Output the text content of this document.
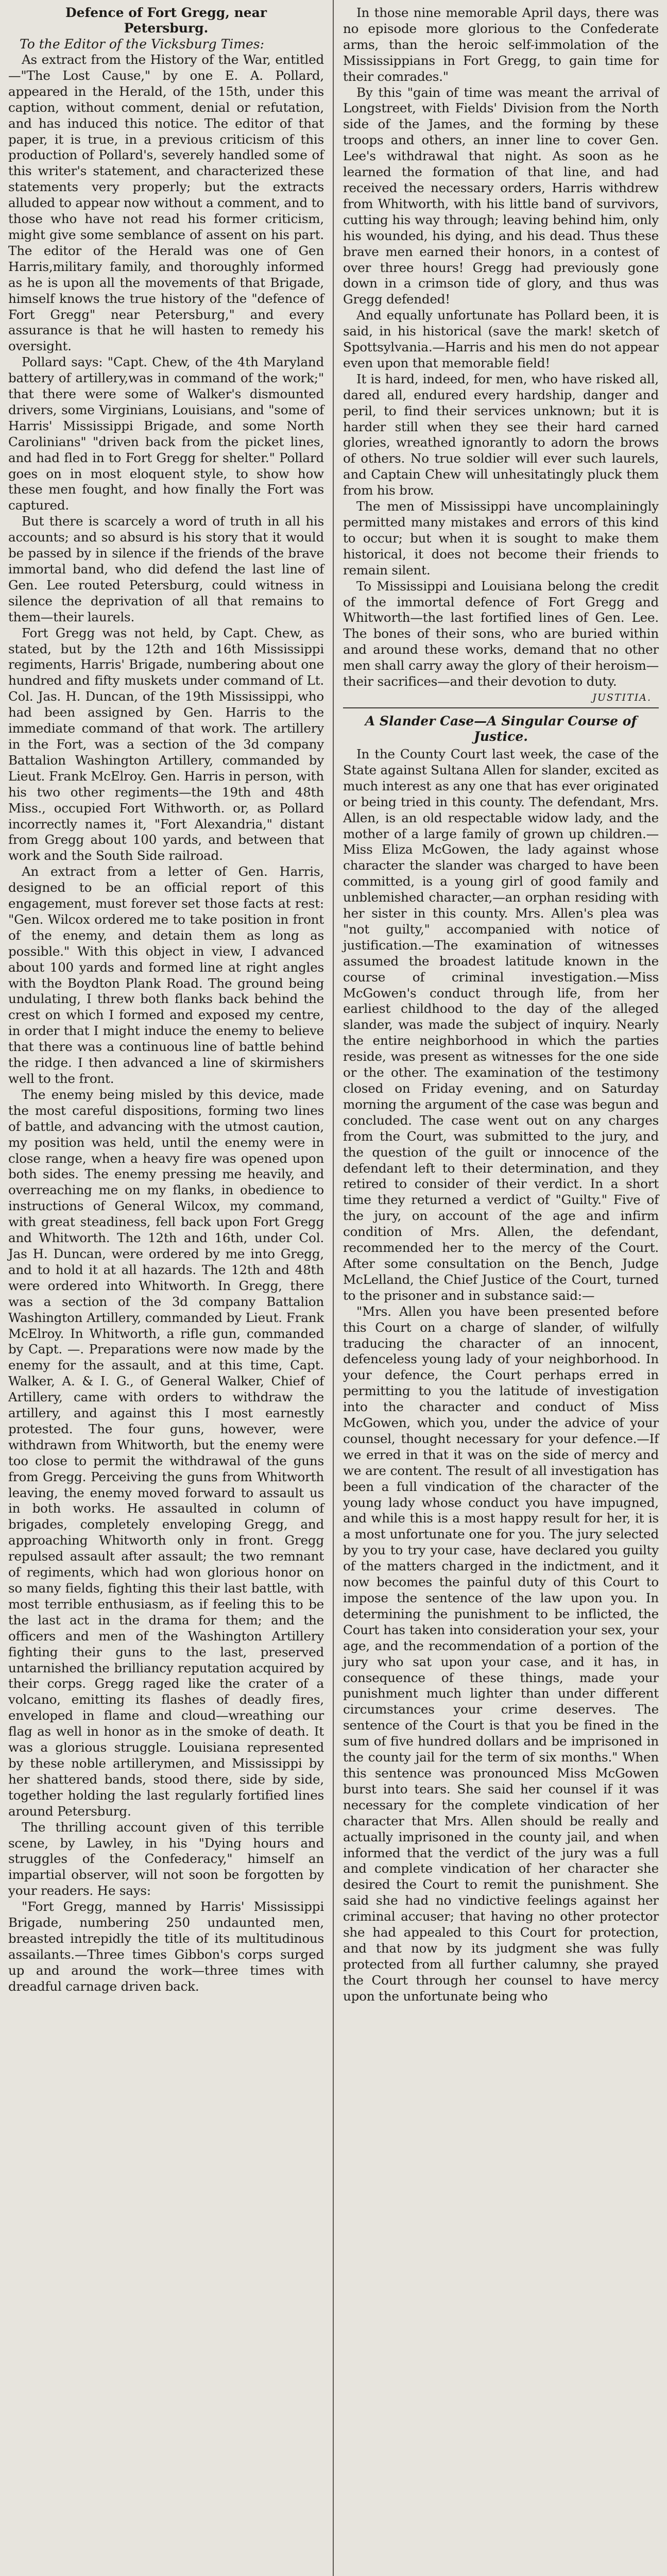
Defence of Fort Gregg, near
Petersburg.

To the Editor of the Vicksburg Times:

As extract from the History of the War, entitled—"The Lost Cause," by one E. A. Pollard, appeared in the Herald, of the 15th, under this caption, without comment, denial or refutation, and has induced this notice. The editor of that paper, it is true, in a previous criticism of this production of Pollard's, severely handled some of this writer's statement, and characterized these statements very properly; but the extracts alluded to appear now without a comment, and to those who have not read his former criticism, might give some semblance of assent on his part. The editor of the Herald was one of Gen Harris,military family, and thoroughly informed as he is upon all the movements of that Brigade, himself knows the true history of the "defence of Fort Gregg" near Petersburg," and every assurance is that he will hasten to remedy his oversight.

Pollard says: "Capt. Chew, of the 4th Maryland battery of artillery,was in command of the work;" that there were some of Walker's dismounted drivers, some Virginians, Louisians, and "some of Harris' Mississippi Brigade, and some North Carolinians" "driven back from the picket lines, and had fled in to Fort Gregg for shelter." Pollard goes on in most eloquent style, to show how these men fought, and how finally the Fort was captured.

But there is scarcely a word of truth in all his accounts; and so absurd is his story that it would be passed by in silence if the friends of the brave immortal band, who did defend the last line of Gen. Lee routed Petersburg, could witness in silence the deprivation of all that remains to them—their laurels.

Fort Gregg was not held, by Capt. Chew, as stated, but by the 12th and 16th Mississippi regiments, Harris' Brigade, numbering about one hundred and fifty muskets under command of Lt. Col. Jas. H. Duncan, of the 19th Mississippi, who had been assigned by Gen. Harris to the immediate command of that work. The artillery in the Fort, was a section of the 3d company Battalion Washington Artillery, commanded by Lieut. Frank McElroy. Gen. Harris in person, with his two other regiments—the 19th and 48th Miss., occupied Fort Withworth. or, as Pollard incorrectly names it, "Fort Alexandria," distant from Gregg about 100 yards, and between that work and the South Side railroad.

An extract from a letter of Gen. Harris, designed to be an official report of this engagement, must forever set those facts at rest: "Gen. Wilcox ordered me to take position in front of the enemy, and detain them as long as possible." With this object in view, I advanced about 100 yards and formed line at right angles with the Boydton Plank Road. The ground being undulating, I threw both flanks back behind the crest on which I formed and exposed my centre, in order that I might induce the enemy to believe that there was a continuous line of battle behind the ridge. I then advanced a line of skirmishers well to the front.

The enemy being misled by this device, made the most careful dispositions, forming two lines of battle, and advancing with the utmost caution, my position was held, until the enemy were in close range, when a heavy fire was opened upon both sides. The enemy pressing me heavily, and overreaching me on my flanks, in obedience to instructions of General Wilcox, my command, with great steadiness, fell back upon Fort Gregg and Whitworth. The 12th and 16th, under Col. Jas H. Duncan, were ordered by me into Gregg, and to hold it at all hazards. The 12th and 48th were ordered into Whitworth. In Gregg, there was a section of the 3d company Battalion Washington Artillery, commanded by Lieut. Frank McElroy. In Whitworth, a rifle gun, commanded by Capt. —. Preparations were now made by the enemy for the assault, and at this time, Capt. Walker, A. & I. G., of General Walker, Chief of Artillery, came with orders to withdraw the artillery, and against this I most earnestly protested. The four guns, however, were withdrawn from Whitworth, but the enemy were too close to permit the withdrawal of the guns from Gregg. Perceiving the guns from Whitworth leaving, the enemy moved forward to assault us in both works. He assaulted in column of brigades, completely enveloping Gregg, and approaching Whitworth only in front. Gregg repulsed assault after assault; the two remnant of regiments, which had won glorious honor on so many fields, fighting this their last battle, with most terrible enthusiasm, as if feeling this to be the last act in the drama for them; and the officers and men of the Washington Artillery fighting their guns to the last, preserved untarnished the brilliancy reputation acquired by their corps. Gregg raged like the crater of a volcano, emitting its flashes of deadly fires, enveloped in flame and cloud—wreathing our flag as well in honor as in the smoke of death. It was a glorious struggle. Louisiana represented by these noble artillerymen, and Mississippi by her shattered bands, stood there, side by side, together holding the last regularly fortified lines around Petersburg.

The thrilling account given of this terrible scene, by Lawley, in his "Dying hours and struggles of the Confederacy," himself an impartial observer, will not soon be forgotten by your readers. He says:

"Fort Gregg, manned by Harris' Mississippi Brigade, numbering 250 undaunted men, breasted intrepidly the title of its multitudinous assailants.—Three times Gibbon's corps surged up and around the work—three times with dreadful carnage driven back.

In those nine memorable April days, there was no episode more glorious to the Confederate arms, than the heroic self-immolation of the Mississippians in Fort Gregg, to gain time for their comrades."

By this "gain of time was meant the arrival of Longstreet, with Fields' Division from the North side of the James, and the forming by these troops and others, an inner line to cover Gen. Lee's withdrawal that night. As soon as he learned the formation of that line, and had received the necessary orders, Harris withdrew from Whitworth, with his little band of survivors, cutting his way through; leaving behind him, only his wounded, his dying, and his dead. Thus these brave men earned their honors, in a contest of over three hours! Gregg had previously gone down in a crimson tide of glory, and thus was Gregg defended!

And equally unfortunate has Pollard been, it is said, in his historical (save the mark! sketch of Spottsylvania.—Harris and his men do not appear even upon that memorable field!

It is hard, indeed, for men, who have risked all, dared all, endured every hardship, danger and peril, to find their services unknown; but it is harder still when they see their hard carned glories, wreathed ignorantly to adorn the brows of others. No true soldier will ever such laurels, and Captain Chew will unhesitatingly pluck them from his brow.

The men of Mississippi have uncomplainingly permitted many mistakes and errors of this kind to occur; but when it is sought to make them historical, it does not become their friends to remain silent.

To Mississippi and Louisiana belong the credit of the immortal defence of Fort Gregg and Whitworth—the last fortified lines of Gen. Lee. The bones of their sons, who are buried within and around these works, demand that no other men shall carry away the glory of their heroism—their sacrifices—and their devotion to duty.

JUSTITIA.
A Slander Case—A Singular Course of Justice.

In the County Court last week, the case of the State against Sultana Allen for slander, excited as much interest as any one that has ever originated or being tried in this county. The defendant, Mrs. Allen, is an old respectable widow lady, and the mother of a large family of grown up children.—Miss Eliza McGowen, the lady against whose character the slander was charged to have been committed, is a young girl of good family and unblemished character,—an orphan residing with her sister in this county. Mrs. Allen's plea was "not guilty," accompanied with notice of justification.—The examination of witnesses assumed the broadest latitude known in the course of criminal investigation.—Miss McGowen's conduct through life, from her earliest childhood to the day of the alleged slander, was made the subject of inquiry. Nearly the entire neighborhood in which the parties reside, was present as witnesses for the one side or the other. The examination of the testimony closed on Friday evening, and on Saturday morning the argument of the case was begun and concluded. The case went out on any charges from the Court, was submitted to the jury, and the question of the guilt or innocence of the defendant left to their determination, and they retired to consider of their verdict. In a short time they returned a verdict of "Guilty." Five of the jury, on account of the age and infirm condition of Mrs. Allen, the defendant, recommended her to the mercy of the Court. After some consultation on the Bench, Judge McLelland, the Chief Justice of the Court, turned to the prisoner and in substance said:—

"Mrs. Allen you have been presented before this Court on a charge of slander, of wilfully traducing the character of an innocent, defenceless young lady of your neighborhood. In your defence, the Court perhaps erred in permitting to you the latitude of investigation into the character and conduct of Miss McGowen, which you, under the advice of your counsel, thought necessary for your defence.—If we erred in that it was on the side of mercy and we are content. The result of all investigation has been a full vindication of the character of the young lady whose conduct you have impugned, and while this is a most happy result for her, it is a most unfortunate one for you. The jury selected by you to try your case, have declared you guilty of the matters charged in the indictment, and it now becomes the painful duty of this Court to impose the sentence of the law upon you. In determining the punishment to be inflicted, the Court has taken into consideration your sex, your age, and the recommendation of a portion of the jury who sat upon your case, and it has, in consequence of these things, made your punishment much lighter than under different circumstances your crime deserves. The sentence of the Court is that you be fined in the sum of five hundred dollars and be imprisoned in the county jail for the term of six months." When this sentence was pronounced Miss McGowen burst into tears. She said her counsel if it was necessary for the complete vindication of her character that Mrs. Allen should be really and actually imprisoned in the county jail, and when informed that the verdict of the jury was a full and complete vindication of her character she desired the Court to remit the punishment. She said she had no vindictive feelings against her criminal accuser; that having no other protector she had appealed to this Court for protection, and that now by its judgment she was fully protected from all further calumny, she prayed the Court through her counsel to have mercy upon the unfortunate being who
